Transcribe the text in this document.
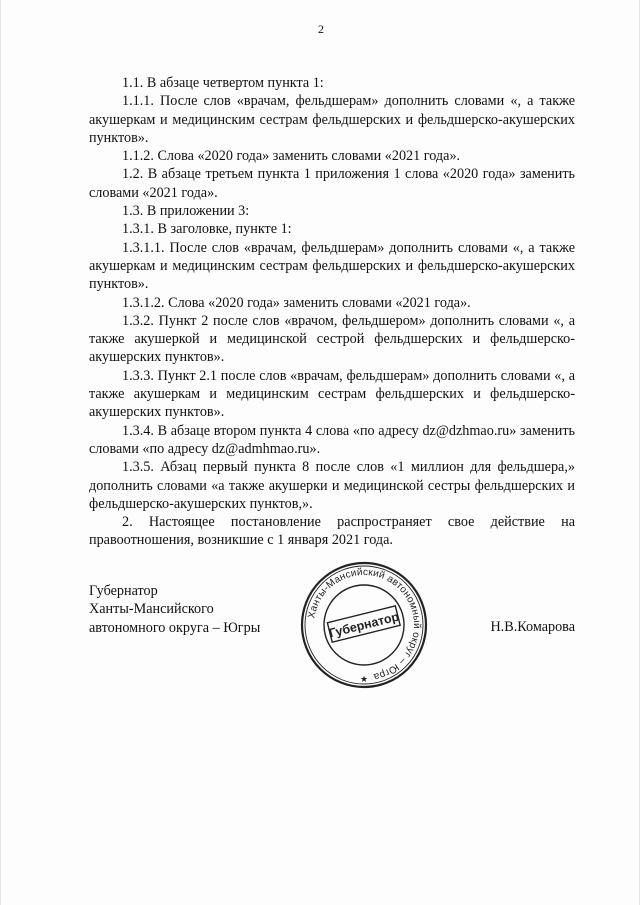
2

1.1. В абзаце четвертом пункта 1:

1.1.1. После слов «врачам, фельдшерам» дополнить словами «, а также акушеркам и медицинским сестрам фельдшерских и фельдшерско-акушерских пунктов».

1.1.2. Слова «2020 года» заменить словами «2021 года».

1.2. В абзаце третьем пункта 1 приложения 1 слова «2020 года» заменить словами «2021 года».

1.3. В приложении 3:

1.3.1. В заголовке, пункте 1:

1.3.1.1. После слов «врачам, фельдшерам» дополнить словами «, а также акушеркам и медицинским сестрам фельдшерских и фельдшерско-акушерских пунктов».

1.3.1.2. Слова «2020 года» заменить словами «2021 года».

1.3.2. Пункт 2 после слов «врачом, фельдшером» дополнить словами «, а также акушеркой и медицинской сестрой фельдшерских и фельдшерско-акушерских пунктов».

1.3.3. Пункт 2.1 после слов «врачам, фельдшерам» дополнить словами «, а также акушеркам и медицинским сестрам фельдшерских и фельдшерско-акушерских пунктов».

1.3.4. В абзаце втором пункта 4 слова «по адресу dz@dzhmao.ru» заменить словами «по адресу dz@admhmao.ru».

1.3.5. Абзац первый пункта 8 после слов «1 миллион для фельдшера,» дополнить словами «а также акушерки и медицинской сестры фельдшерских и фельдшерско-акушерских пунктов,».

2. Настоящее постановление распространяет свое действие на правоотношения, возникшие с 1 января 2021 года.

Губернатор
Ханты-Мансийского
автономного округа – Югры
Ханты-Мансийский автономный округ – Югра
Губернатор
★
Н.В.Комарова
